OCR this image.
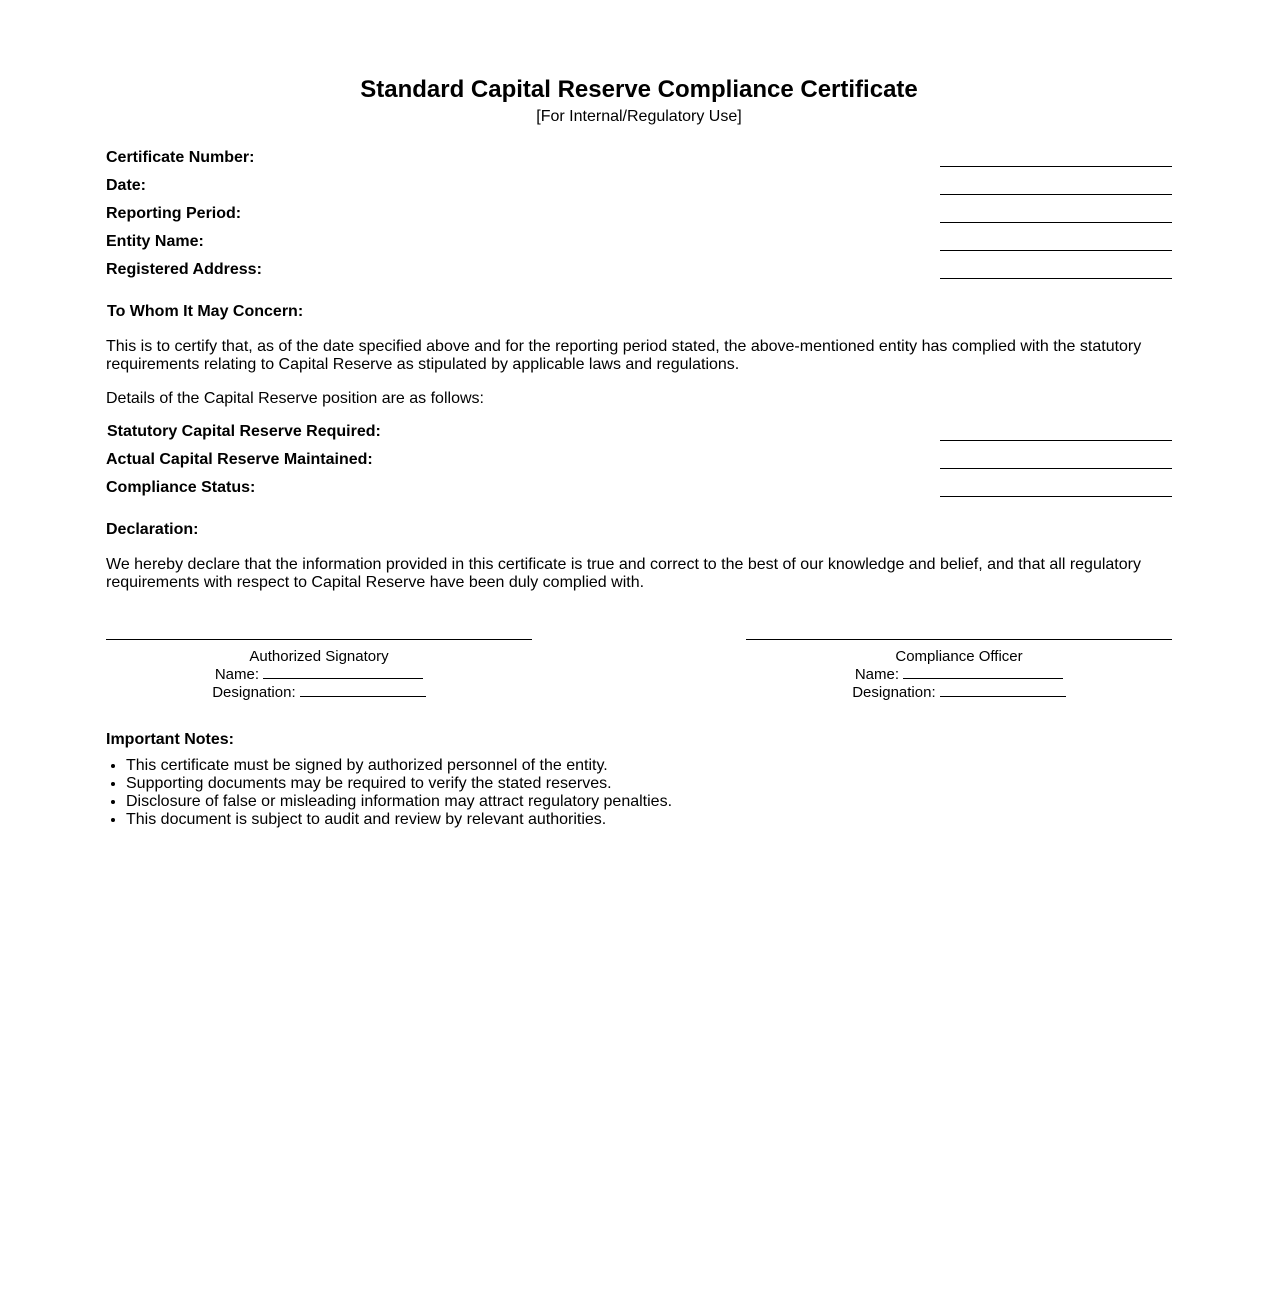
Standard Capital Reserve Compliance Certificate
[For Internal/Regulatory Use]
Certificate Number:
Date:
Reporting Period:
Entity Name:
Registered Address:
To Whom It May Concern:
This is to certify that, as of the date specified above and for the reporting period stated, the above-mentioned entity has complied with the statutory requirements relating to Capital Reserve as stipulated by applicable laws and regulations.
Details of the Capital Reserve position are as follows:
Statutory Capital Reserve Required:
Actual Capital Reserve Maintained:
Compliance Status:
Declaration:
We hereby declare that the information provided in this certificate is true and correct to the best of our knowledge and belief, and that all regulatory requirements with respect to Capital Reserve have been duly complied with.
Authorized Signatory
Name:
Designation:
Compliance Officer
Name:
Designation:
Important Notes:
• This certificate must be signed by authorized personnel of the entity.
• Supporting documents may be required to verify the stated reserves.
• Disclosure of false or misleading information may attract regulatory penalties.
• This document is subject to audit and review by relevant authorities.
